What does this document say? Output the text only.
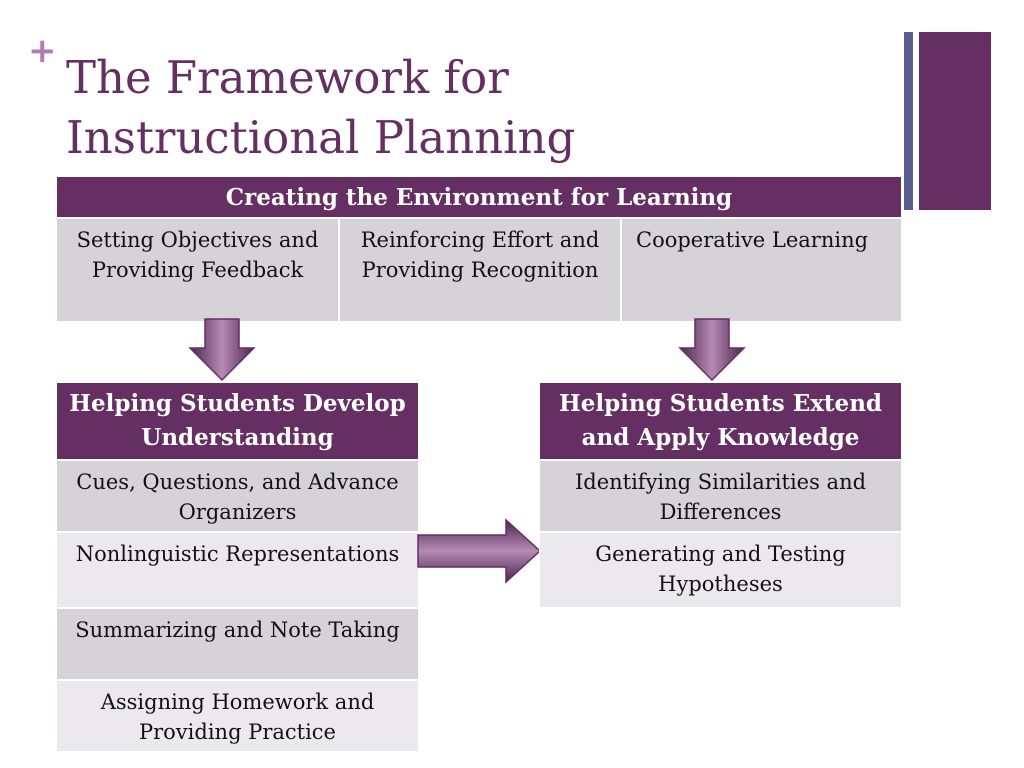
+ The Framework for
Instructional Planning
Creating the Environment for Learning
Setting Objectives and Providing Feedback
Reinforcing Effort and Providing Recognition
Cooperative Learning
Helping Students Develop Understanding
Cues, Questions, and Advance Organizers
Nonlinguistic Representations
Summarizing and Note Taking
Assigning Homework and Providing Practice
Helping Students Extend and Apply Knowledge
Identifying Similarities and Differences
Generating and Testing Hypotheses
